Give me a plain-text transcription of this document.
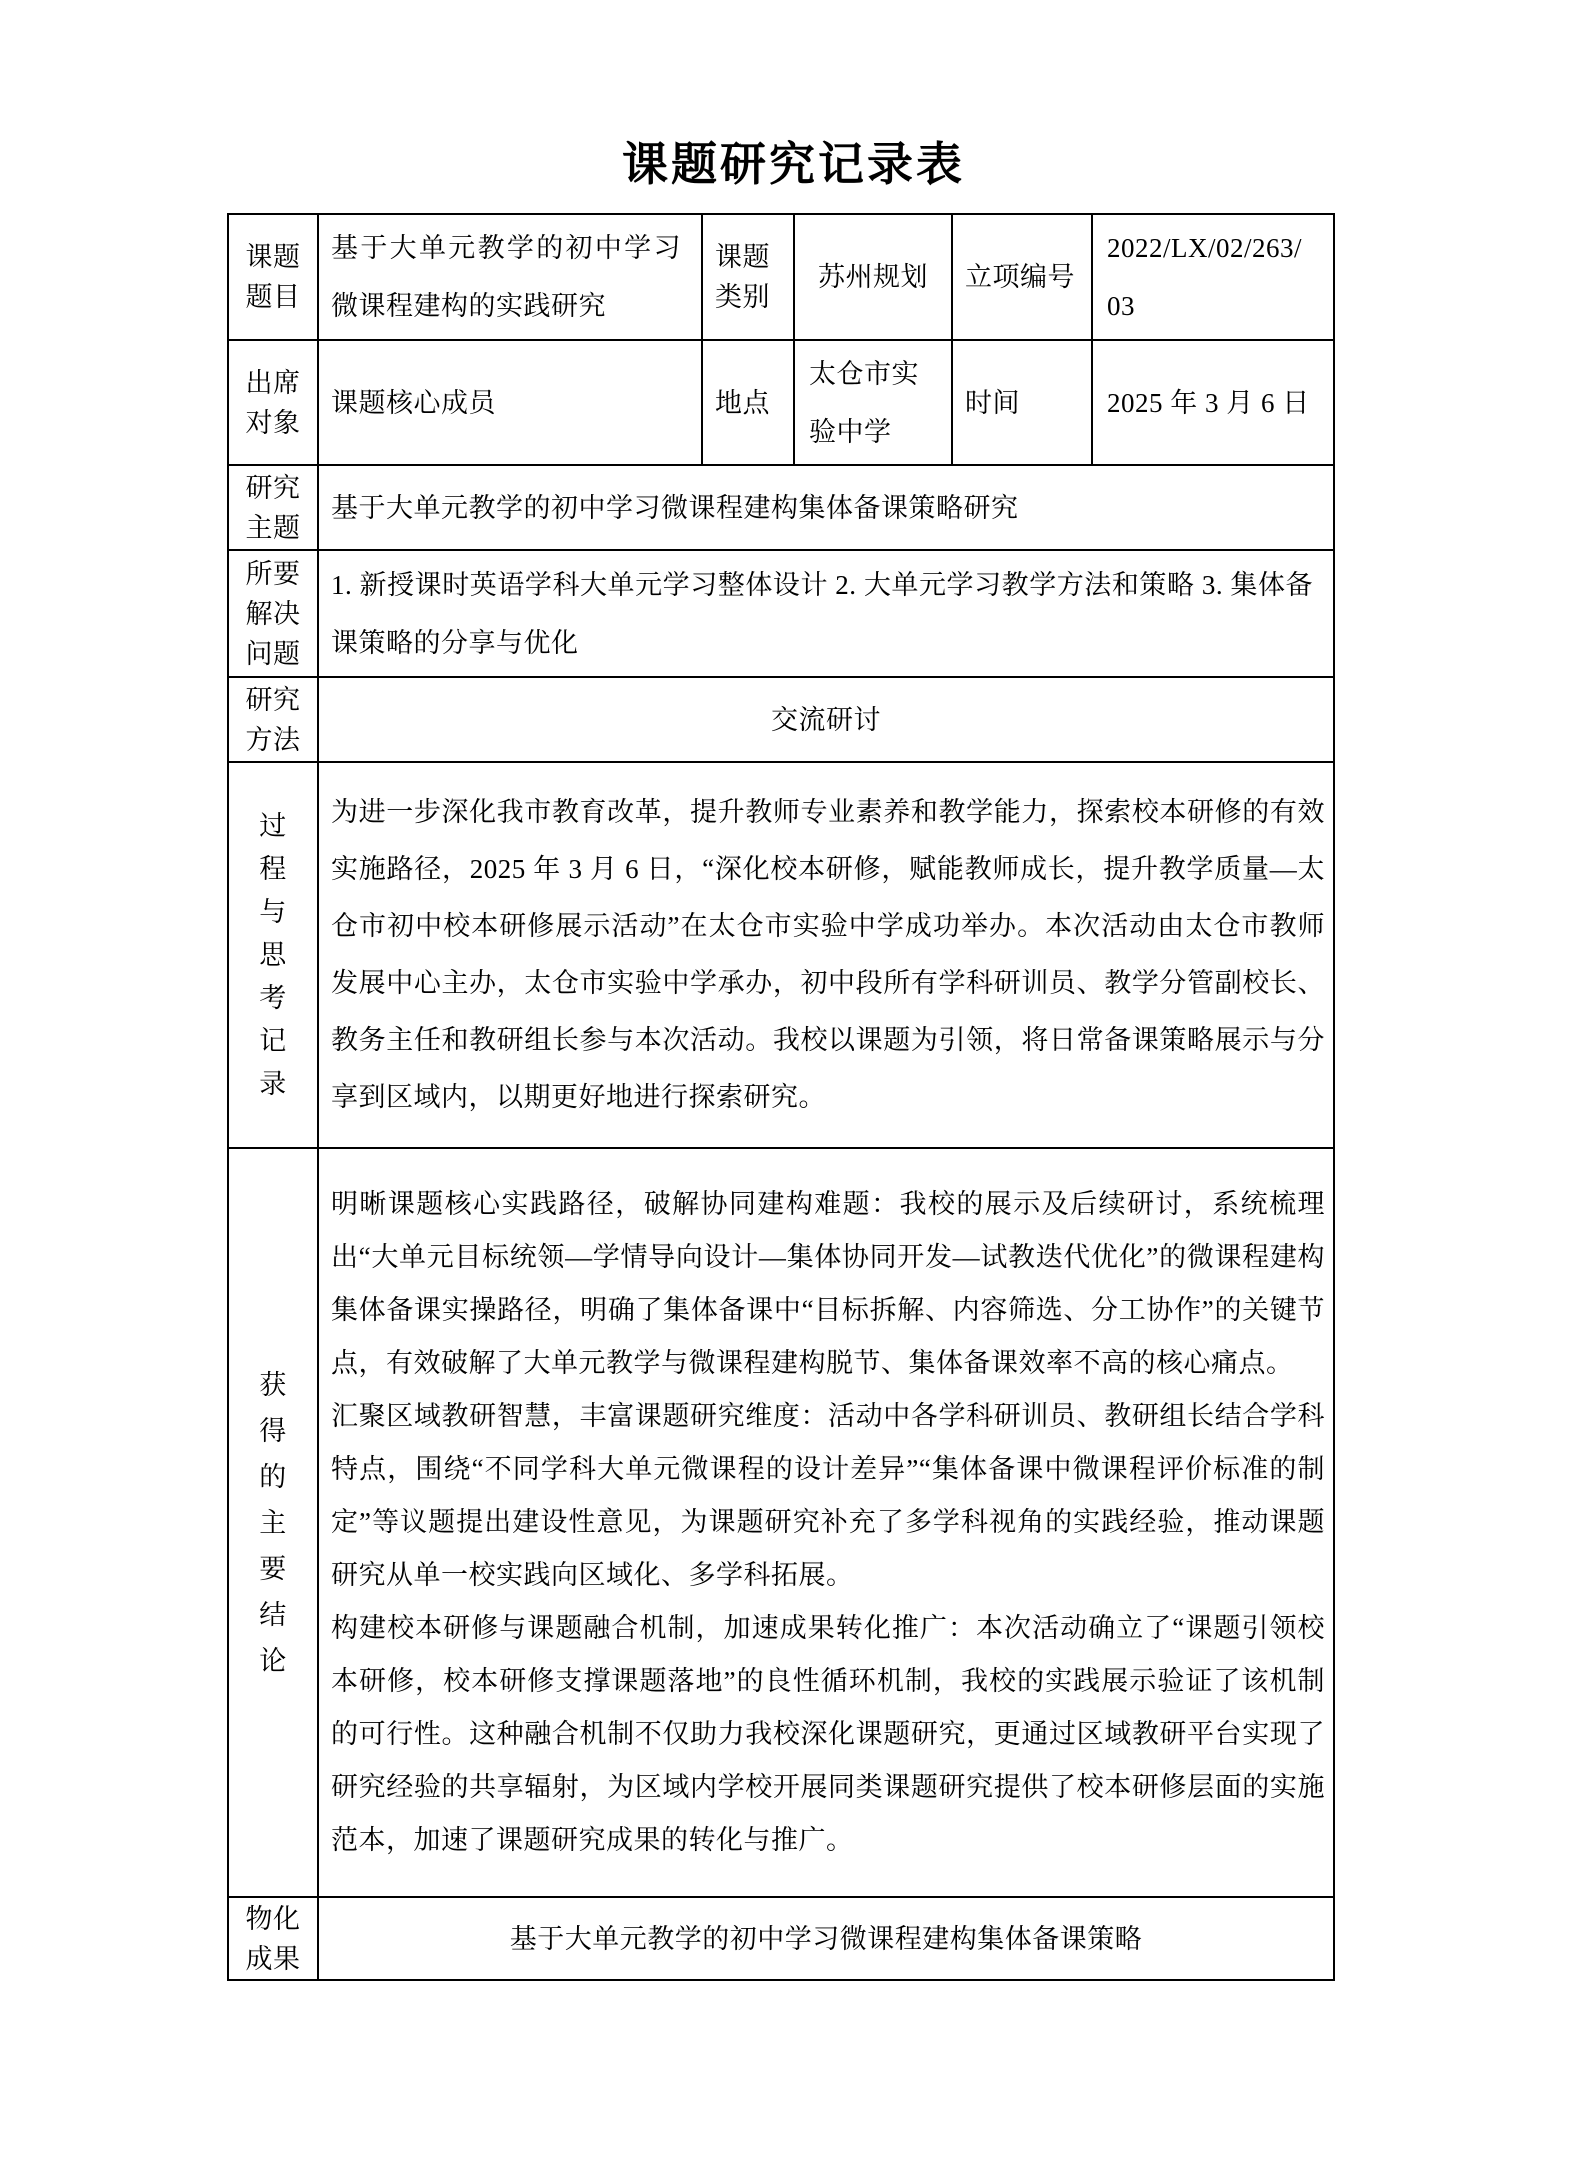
课题研究记录表
课题题目	基于大单元教学的初中学习微课程建构的实践研究	课题类别	苏州规划	立项编号	2022/LX/02/263/
03

出席对象	课题核心成员	地点	太仓市实验中学	时间	2025 年 3 月 6 日
研究主题	基于大单元教学的初中学习微课程建构集体备课策略研究				
所要解决问题	1. 新授课时英语学科大单元学习整体设计 2. 大单元学习教学方法和策略 3. 集体备课策略的分享与优化				
研究方法	交流研讨				
过程与思考记录	为进一步深化我市教育改革，提升教师专业素养和教学能力，探索校本研修的有效实施路径，2025 年 3 月 6 日，“深化校本研修，赋能教师成长，提升教学质量—太仓市初中校本研修展示活动”在太仓市实验中学成功举办。本次活动由太仓市教师发展中心主办，太仓市实验中学承办，初中段所有学科研训员、教学分管副校长、教务主任和教研组长参与本次活动。我校以课题为引领，将日常备课策略展示与分享到区域内，以期更好地进行探索研究。				

获得的主要结论	明晰课题核心实践路径，破解协同建构难题：我校的展示及后续研讨，系统梳理出“大单元目标统领—学情导向设计—集体协同开发—试教迭代优化”的微课程建构集体备课实操路径，明确了集体备课中“目标拆解、内容筛选、分工协作”的关键节点，有效破解了大单元教学与微课程建构脱节、集体备课效率不高的核心痛点。

汇聚区域教研智慧，丰富课题研究维度：活动中各学科研训员、教研组长结合学科特点，围绕“不同学科大单元微课程的设计差异”“集体备课中微课程评价标准的制定”等议题提出建设性意见，为课题研究补充了多学科视角的实践经验，推动课题研究从单一校实践向区域化、多学科拓展。

构建校本研修与课题融合机制，加速成果转化推广：本次活动确立了“课题引领校本研修，校本研修支撑课题落地”的良性循环机制，我校的实践展示验证了该机制的可行性。这种融合机制不仅助力我校深化课题研究，更通过区域教研平台实现了研究经验的共享辐射，为区域内学校开展同类课题研究提供了校本研修层面的实施范本，加速了课题研究成果的转化与推广。				

物化成果	基于大单元教学的初中学习微课程建构集体备课策略				
